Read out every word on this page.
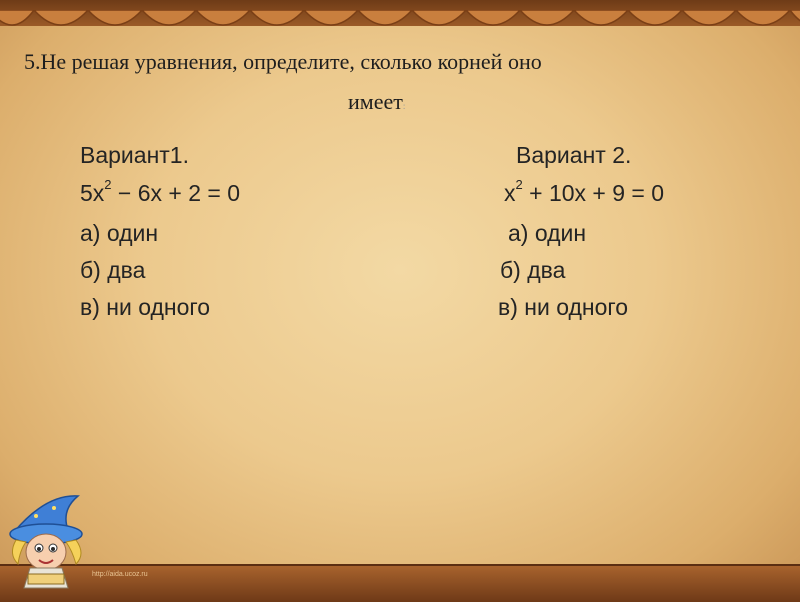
5.Не решая уравнения, определите, сколько корней оно
имеет:
Вариант1.
$5x^2 - 6x + 2 = 0$
а) один
б) два
в) ни одного
Вариант 2.
$x^2 + 10x + 9 = 0$
а) один
б) два
в) ни одного
http://aida.ucoz.ru
